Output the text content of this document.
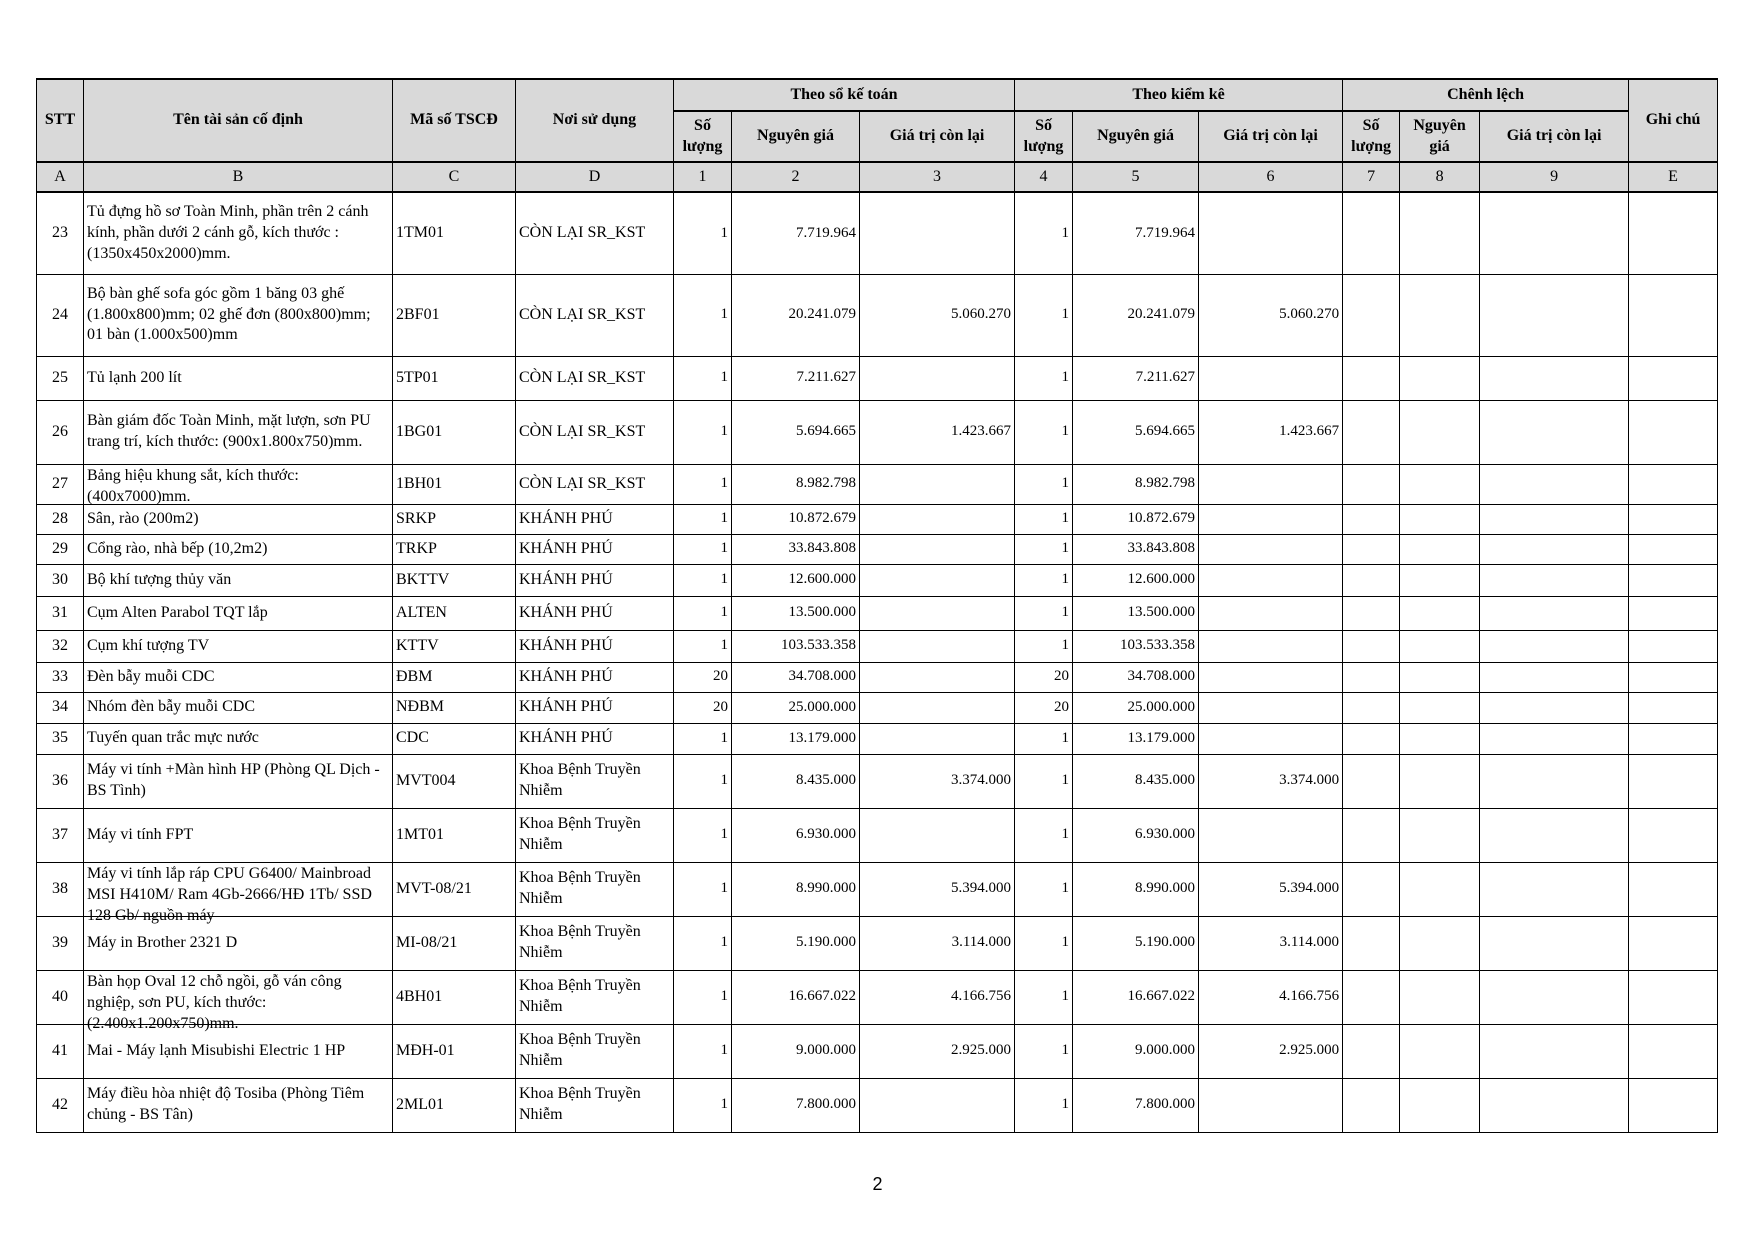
STT	Tên tài sản cố định	Mã số TSCĐ	Nơi sử dụng	Theo sổ kế toán			Theo kiểm kê			Chênh lệch			Ghi chú
				Số lượng	Nguyên giá	Giá trị còn lại	Số lượng	Nguyên giá	Giá trị còn lại	Số lượng	Nguyên giá	Giá trị còn lại	
A	B	C	D	1	2	3	4	5	6	7	8	9	E

23	Tủ đựng hồ sơ Toàn Minh, phần trên 2 cánh kính, phần dưới 2 cánh gỗ, kích thước : (1350x450x2000)mm.	1TM01	CÒN LẠI SR_KST	1	7.719.964		1	7.719.964					

24	Bộ bàn ghế sofa góc gồm 1 băng 03 ghế (1.800x800)mm; 02 ghế đơn (800x800)mm; 01 bàn (1.000x500)mm	2BF01	CÒN LẠI SR_KST	1	20.241.079	5.060.270	1	20.241.079	5.060.270				

25	Tủ lạnh 200 lít	5TP01	CÒN LẠI SR_KST	1	7.211.627		1	7.211.627					

26	Bàn giám đốc Toàn Minh, mặt lượn, sơn PU trang trí, kích thước: (900x1.800x750)mm.	1BG01	CÒN LẠI SR_KST	1	5.694.665	1.423.667	1	5.694.665	1.423.667				

27	Bảng hiệu khung sắt, kích thước: (400x7000)mm.	1BH01	CÒN LẠI SR_KST	1	8.982.798		1	8.982.798					

28	Sân, rào (200m2)	SRKP	KHÁNH PHÚ	1	10.872.679		1	10.872.679					

29	Cổng rào, nhà bếp (10,2m2)	TRKP	KHÁNH PHÚ	1	33.843.808		1	33.843.808					

30	Bộ khí tượng thủy văn	BKTTV	KHÁNH PHÚ	1	12.600.000		1	12.600.000					

31	Cụm Alten Parabol TQT lắp	ALTEN	KHÁNH PHÚ	1	13.500.000		1	13.500.000					

32	Cụm khí tượng TV	KTTV	KHÁNH PHÚ	1	103.533.358		1	103.533.358					

33	Đèn bẫy muỗi CDC	ĐBM	KHÁNH PHÚ	20	34.708.000		20	34.708.000					

34	Nhóm đèn bẫy muỗi CDC	NĐBM	KHÁNH PHÚ	20	25.000.000		20	25.000.000					

35	Tuyến quan trắc mực nước	CDC	KHÁNH PHÚ	1	13.179.000		1	13.179.000					

36	Máy vi tính +Màn hình HP (Phòng QL Dịch - BS Tình)	MVT004	Khoa Bệnh Truyền Nhiễm	1	8.435.000	3.374.000	1	8.435.000	3.374.000				

37	Máy vi tính FPT	1MT01	Khoa Bệnh Truyền Nhiễm	1	6.930.000		1	6.930.000					

38	Máy vi tính lắp ráp CPU G6400/ Mainbroad MSI H410M/ Ram 4Gb-2666/HĐ 1Tb/ SSD 128 Gb/ nguồn máy	MVT-08/21	Khoa Bệnh Truyền Nhiễm	1	8.990.000	5.394.000	1	8.990.000	5.394.000				

39	Máy in Brother 2321 D	MI-08/21	Khoa Bệnh Truyền Nhiễm	1	5.190.000	3.114.000	1	5.190.000	3.114.000				

40	Bàn họp Oval 12 chỗ ngồi, gỗ ván công nghiệp, sơn PU, kích thước: (2.400x1.200x750)mm.	4BH01	Khoa Bệnh Truyền Nhiễm	1	16.667.022	4.166.756	1	16.667.022	4.166.756				

41	Mai - Máy lạnh Misubishi Electric 1 HP	MĐH-01	Khoa Bệnh Truyền Nhiễm	1	9.000.000	2.925.000	1	9.000.000	2.925.000				

42	Máy điều hòa nhiệt độ Tosiba (Phòng Tiêm chủng - BS Tân)	2ML01	Khoa Bệnh Truyền Nhiễm	1	7.800.000		1	7.800.000					

2
